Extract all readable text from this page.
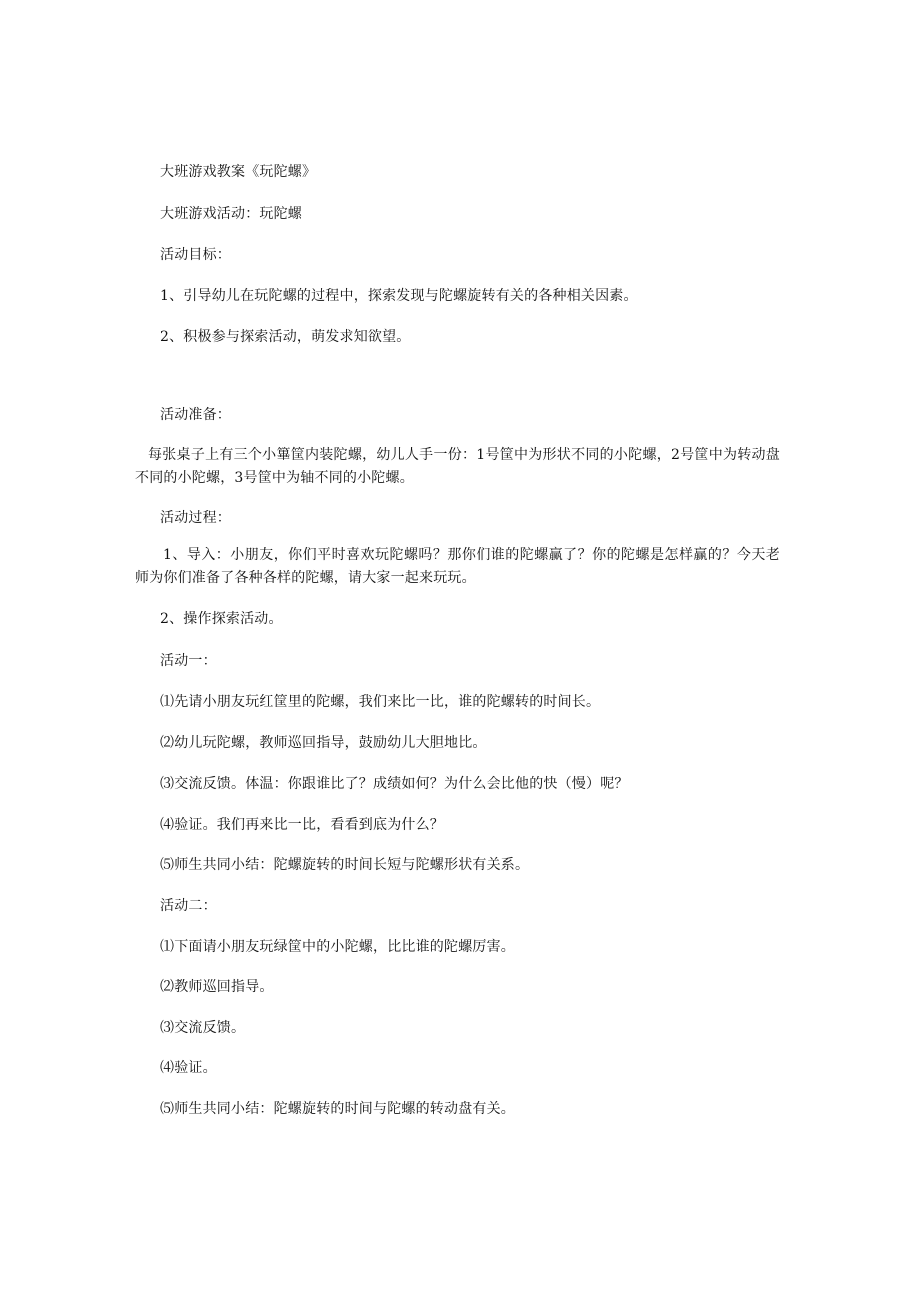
大班游戏教案《玩陀螺》
大班游戏活动：玩陀螺
活动目标：
1、引导幼儿在玩陀螺的过程中，探索发现与陀螺旋转有关的各种相关因素。
2、积极参与探索活动，萌发求知欲望。
活动准备：
每张桌子上有三个小篳筐内装陀螺，幼儿人手一份：1号筐中为形状不同的小陀螺，2号筐中为转动盘不同的小陀螺，3号筐中为轴不同的小陀螺。
活动过程：
1、导入：小朋友，你们平时喜欢玩陀螺吗？那你们谁的陀螺赢了？你的陀螺是怎样赢的？今天老师为你们准备了各种各样的陀螺，请大家一起来玩玩。
2、操作探索活动。
活动一：
⑴先请小朋友玩红筐里的陀螺，我们来比一比，谁的陀螺转的时间长。
⑵幼儿玩陀螺，教师巡回指导，鼓励幼儿大胆地比。
⑶交流反馈。体温：你跟谁比了？成绩如何？为什么会比他的快（慢）呢？
⑷验证。我们再来比一比，看看到底为什么？
⑸师生共同小结：陀螺旋转的时间长短与陀螺形状有关系。
活动二：
⑴下面请小朋友玩绿筐中的小陀螺，比比谁的陀螺厉害。
⑵教师巡回指导。
⑶交流反馈。
⑷验证。
⑸师生共同小结：陀螺旋转的时间与陀螺的转动盘有关。
